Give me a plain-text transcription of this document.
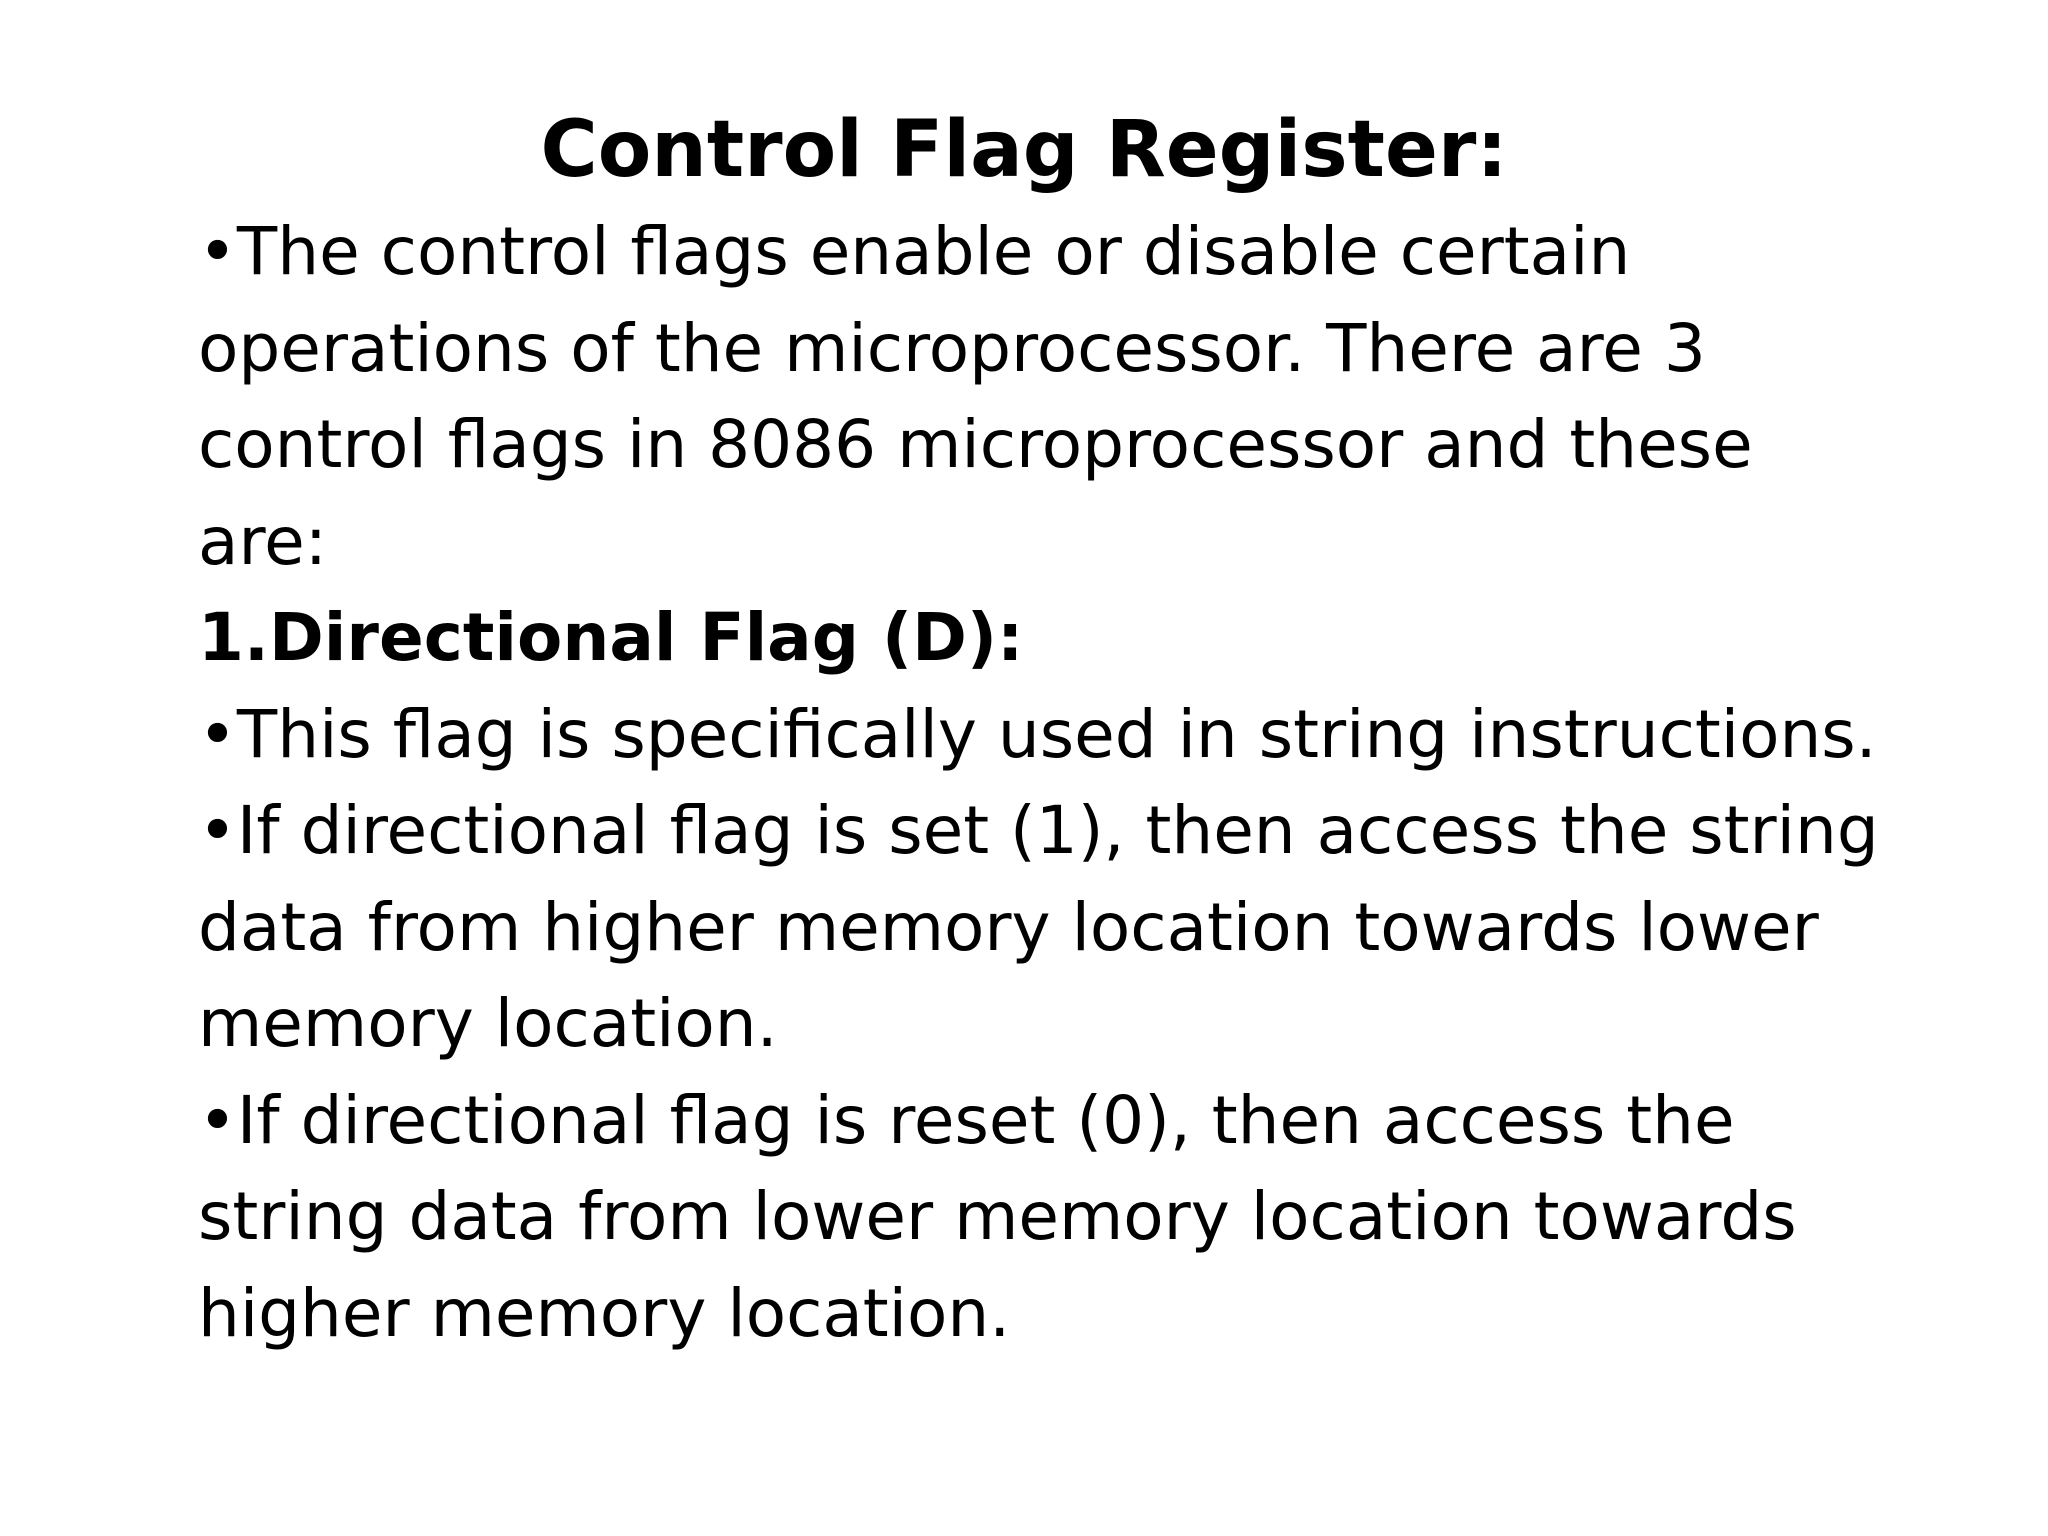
Control Flag Register:
•The control flags enable or disable certain
operations of the microprocessor. There are 3
control flags in 8086 microprocessor and these
are:
1.Directional Flag (D):
•This flag is specifically used in string instructions.
•If directional flag is set (1), then access the string
data from higher memory location towards lower
memory location.
•If directional flag is reset (0), then access the
string data from lower memory location towards
higher memory location.
